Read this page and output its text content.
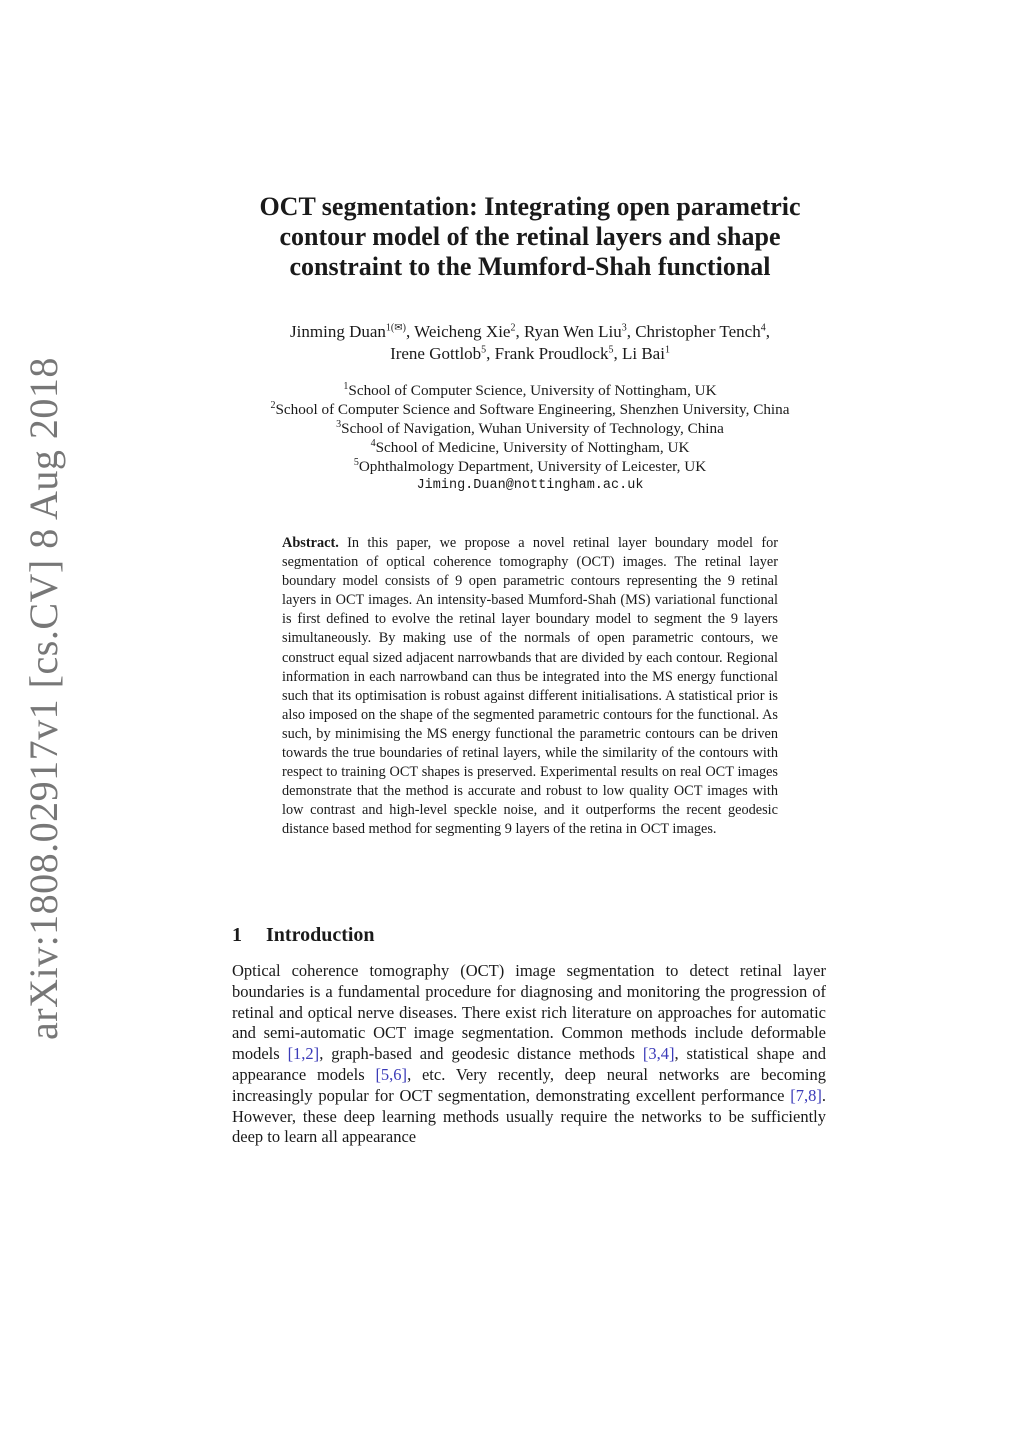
arXiv:1808.02917v1 [cs.CV] 8 Aug 2018
OCT segmentation: Integrating open parametric
contour model of the retinal layers and shape
constraint to the Mumford-Shah functional
Jinming Duan$^{1(✉)}$, Weicheng Xie$^2$, Ryan Wen Liu$^3$, Christopher Tench$^4$,
Irene Gottlob$^5$, Frank Proudlock$^5$, Li Bai$^1$
$^1$School of Computer Science, University of Nottingham, UK
$^2$School of Computer Science and Software Engineering, Shenzhen University, China
$^3$School of Navigation, Wuhan University of Technology, China
$^4$School of Medicine, University of Nottingham, UK
$^5$Ophthalmology Department, University of Leicester, UK
Jiming.Duan@nottingham.ac.uk
Abstract. In this paper, we propose a novel retinal layer boundary model for segmentation of optical coherence tomography (OCT) images. The retinal layer boundary model consists of 9 open parametric contours representing the 9 retinal layers in OCT images. An intensity-based Mumford-Shah (MS) variational functional is first defined to evolve the retinal layer boundary model to segment the 9 layers simultaneously. By making use of the normals of open parametric contours, we construct equal sized adjacent narrowbands that are divided by each contour. Regional information in each narrowband can thus be integrated into the MS energy functional such that its optimisation is robust against different initialisations. A statistical prior is also imposed on the shape of the segmented parametric contours for the functional. As such, by minimising the MS energy functional the parametric contours can be driven towards the true boundaries of retinal layers, while the similarity of the contours with respect to training OCT shapes is preserved. Experimental results on real OCT images demonstrate that the method is accurate and robust to low quality OCT images with low contrast and high-level speckle noise, and it outperforms the recent geodesic distance based method for segmenting 9 layers of the retina in OCT images.
1 Introduction
Optical coherence tomography (OCT) image segmentation to detect retinal layer boundaries is a fundamental procedure for diagnosing and monitoring the progression of retinal and optical nerve diseases. There exist rich literature on approaches for automatic and semi-automatic OCT image segmentation. Common methods include deformable models [1,2], graph-based and geodesic distance methods [3,4], statistical shape and appearance models [5,6], etc. Very recently, deep neural networks are becoming increasingly popular for OCT segmentation, demonstrating excellent performance [7,8]. However, these deep learning methods usually require the networks to be sufficiently deep to learn all appearance
